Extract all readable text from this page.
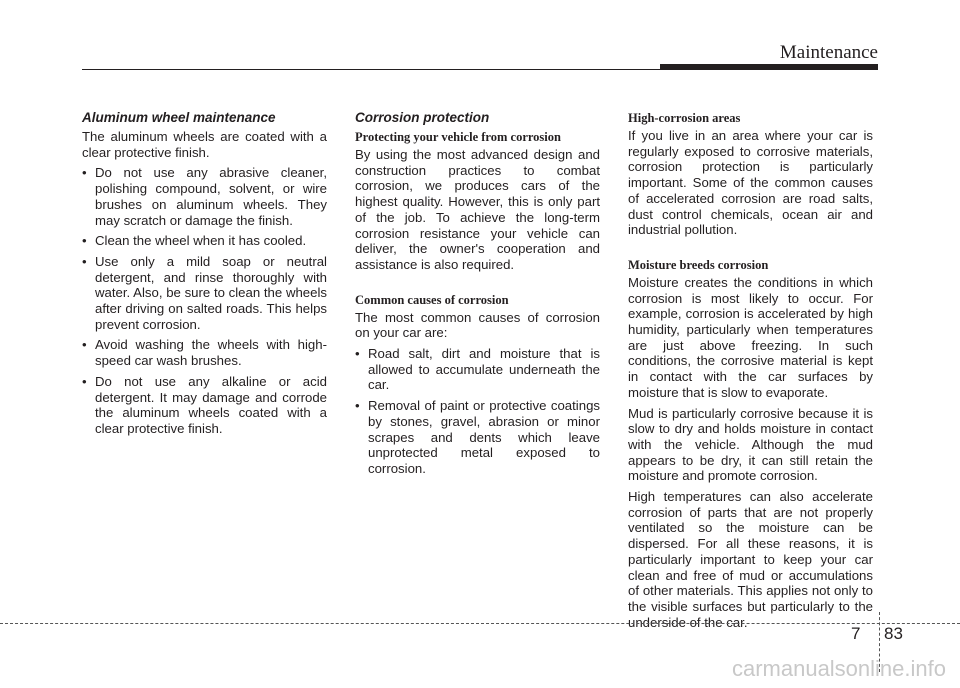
Maintenance
Aluminum wheel maintenance

The aluminum wheels are coated with a clear protective finish.

• Do not use any abrasive cleaner, polishing compound, solvent, or wire brushes on aluminum wheels. They may scratch or damage the finish.
• Clean the wheel when it has cooled.
• Use only a mild soap or neutral detergent, and rinse thoroughly with water. Also, be sure to clean the wheels after driving on salted roads. This helps prevent corrosion.
• Avoid washing the wheels with high-speed car wash brushes.
• Do not use any alkaline or acid detergent. It may damage and corrode the aluminum wheels coated with a clear protective finish.
Corrosion protection
Protecting your vehicle from corrosion

By using the most advanced design and construction practices to combat corrosion, we produces cars of the highest quality. However, this is only part of the job. To achieve the long-term corrosion resistance your vehicle can deliver, the owner's cooperation and assistance is also required.

Common causes of corrosion

The most common causes of corrosion on your car are:

• Road salt, dirt and moisture that is allowed to accumulate underneath the car.
• Removal of paint or protective coatings by stones, gravel, abrasion or minor scrapes and dents which leave unprotected metal exposed to corrosion.
High-corrosion areas

If you live in an area where your car is regularly exposed to corrosive materials, corrosion protection is particularly important. Some of the common causes of accelerated corrosion are road salts, dust control chemicals, ocean air and industrial pollution.

Moisture breeds corrosion

Moisture creates the conditions in which corrosion is most likely to occur. For example, corrosion is accelerated by high humidity, particularly when temperatures are just above freezing. In such conditions, the corrosive material is kept in contact with the car surfaces by moisture that is slow to evaporate.

Mud is particularly corrosive because it is slow to dry and holds moisture in contact with the vehicle. Although the mud appears to be dry, it can still retain the moisture and promote corrosion.

High temperatures can also accelerate corrosion of parts that are not properly ventilated so the moisture can be dispersed. For all these reasons, it is particularly important to keep your car clean and free of mud or accumulations of other materials. This applies not only to the visible surfaces but particularly to the underside of the car.

7 83
carmanualsonline.info
